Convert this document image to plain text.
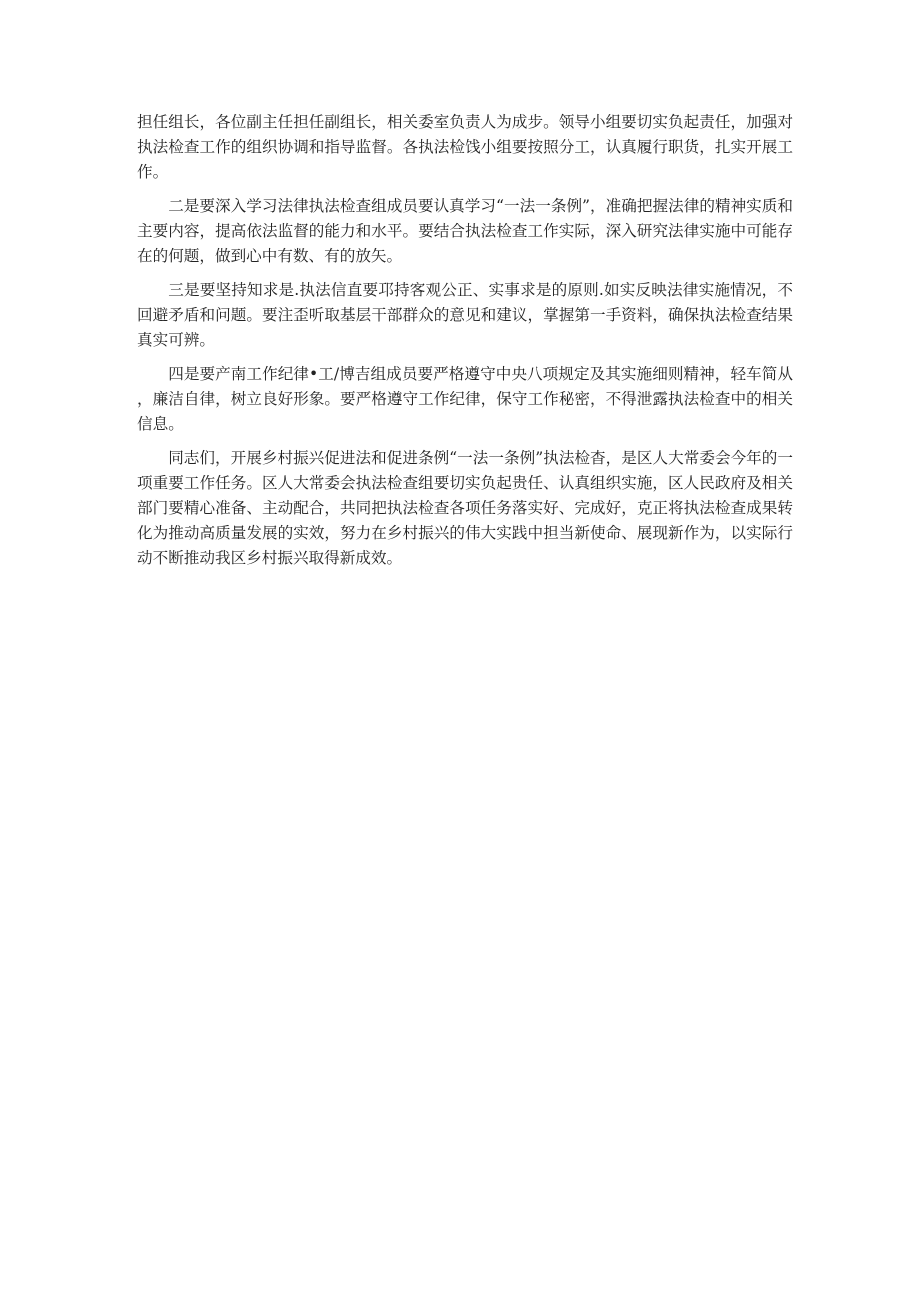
担任组长，各位副主任担任副组长，相关委室负责人为成步。领导小组要切实负起责任，加强对执法检查工作的组织协调和指导监督。各执法检饯小组要按照分工，认真履行职货，扎实开展工作。

二是要深入学习法律执法检查组成员要认真学习“一法一条例”，准确把握法律的精神实质和主要内容，提高依法监督的能力和水平。要结合执法检查工作实际，深入研究法律实施中可能存在的何题，做到心中有数、有的放矢。

三是要坚持知求是.执法信直要邛持客观公正、实事求是的原则.如实反映法律实施情况，不回避矛盾和问题。要注歪听取基层干部群众的意见和建议，掌握第一手资料，确保执法检查结果真实可辨。

四是要产南工作纪律•工/博吉组成员要严格遵守中央八项规定及其实施细则精神，轻车简从，廉洁自律，树立良好形象。要严格遵守工作纪律，保守工作秘密，不得泄露执法检查中的相关信息。

同志们，开展乡村振兴促进法和促进条例“一法一条例”执法检杳，是区人大常委会今年的一项重要工作任务。区人大常委会执法检查组要切实负起贵任、认真组织实施，区人民政府及相关部门要精心准备、主动配合，共同把执法检查各项任务落实好、完成好，克正将执法检查成果转化为推动高质量发展的实效，努力在乡村振兴的伟大实践中担当新使命、展现新作为，以实际行动不断推动我区乡村振兴取得新成效。
